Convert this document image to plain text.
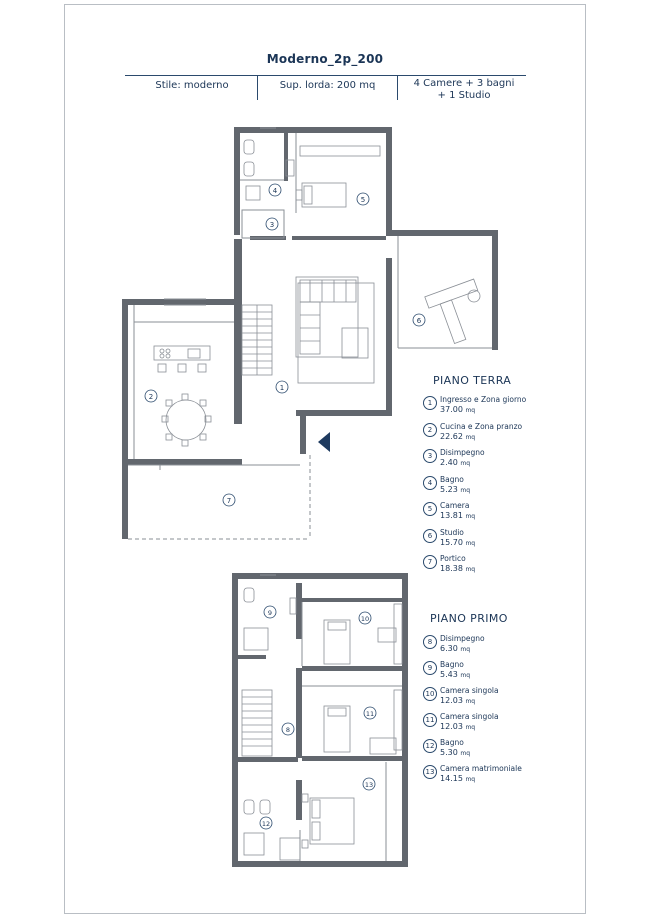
Moderno_2p_200
Stile: moderno	Sup. lorda: 200 mq	4 Camere + 3 bagni
+ 1 Studio
1
2
3
4
5
6
7
8
9
10
11
12
13
PIANO TERRA
1	Ingresso e Zona giorno
37.00 mq
2	Cucina e Zona pranzo
22.62 mq
3	Disimpegno
2.40 mq
4	Bagno
5.23 mq
5	Camera
13.81 mq
6	Studio
15.70 mq
7	Portico
18.38 mq
PIANO PRIMO
8	Disimpegno
6.30 mq
9	Bagno
5.43 mq
10 Camera singola
12.03 mq
11 Camera singola
12.03 mq
12 Bagno
5.30 mq
13 Camera matrimoniale
14.15 mq
